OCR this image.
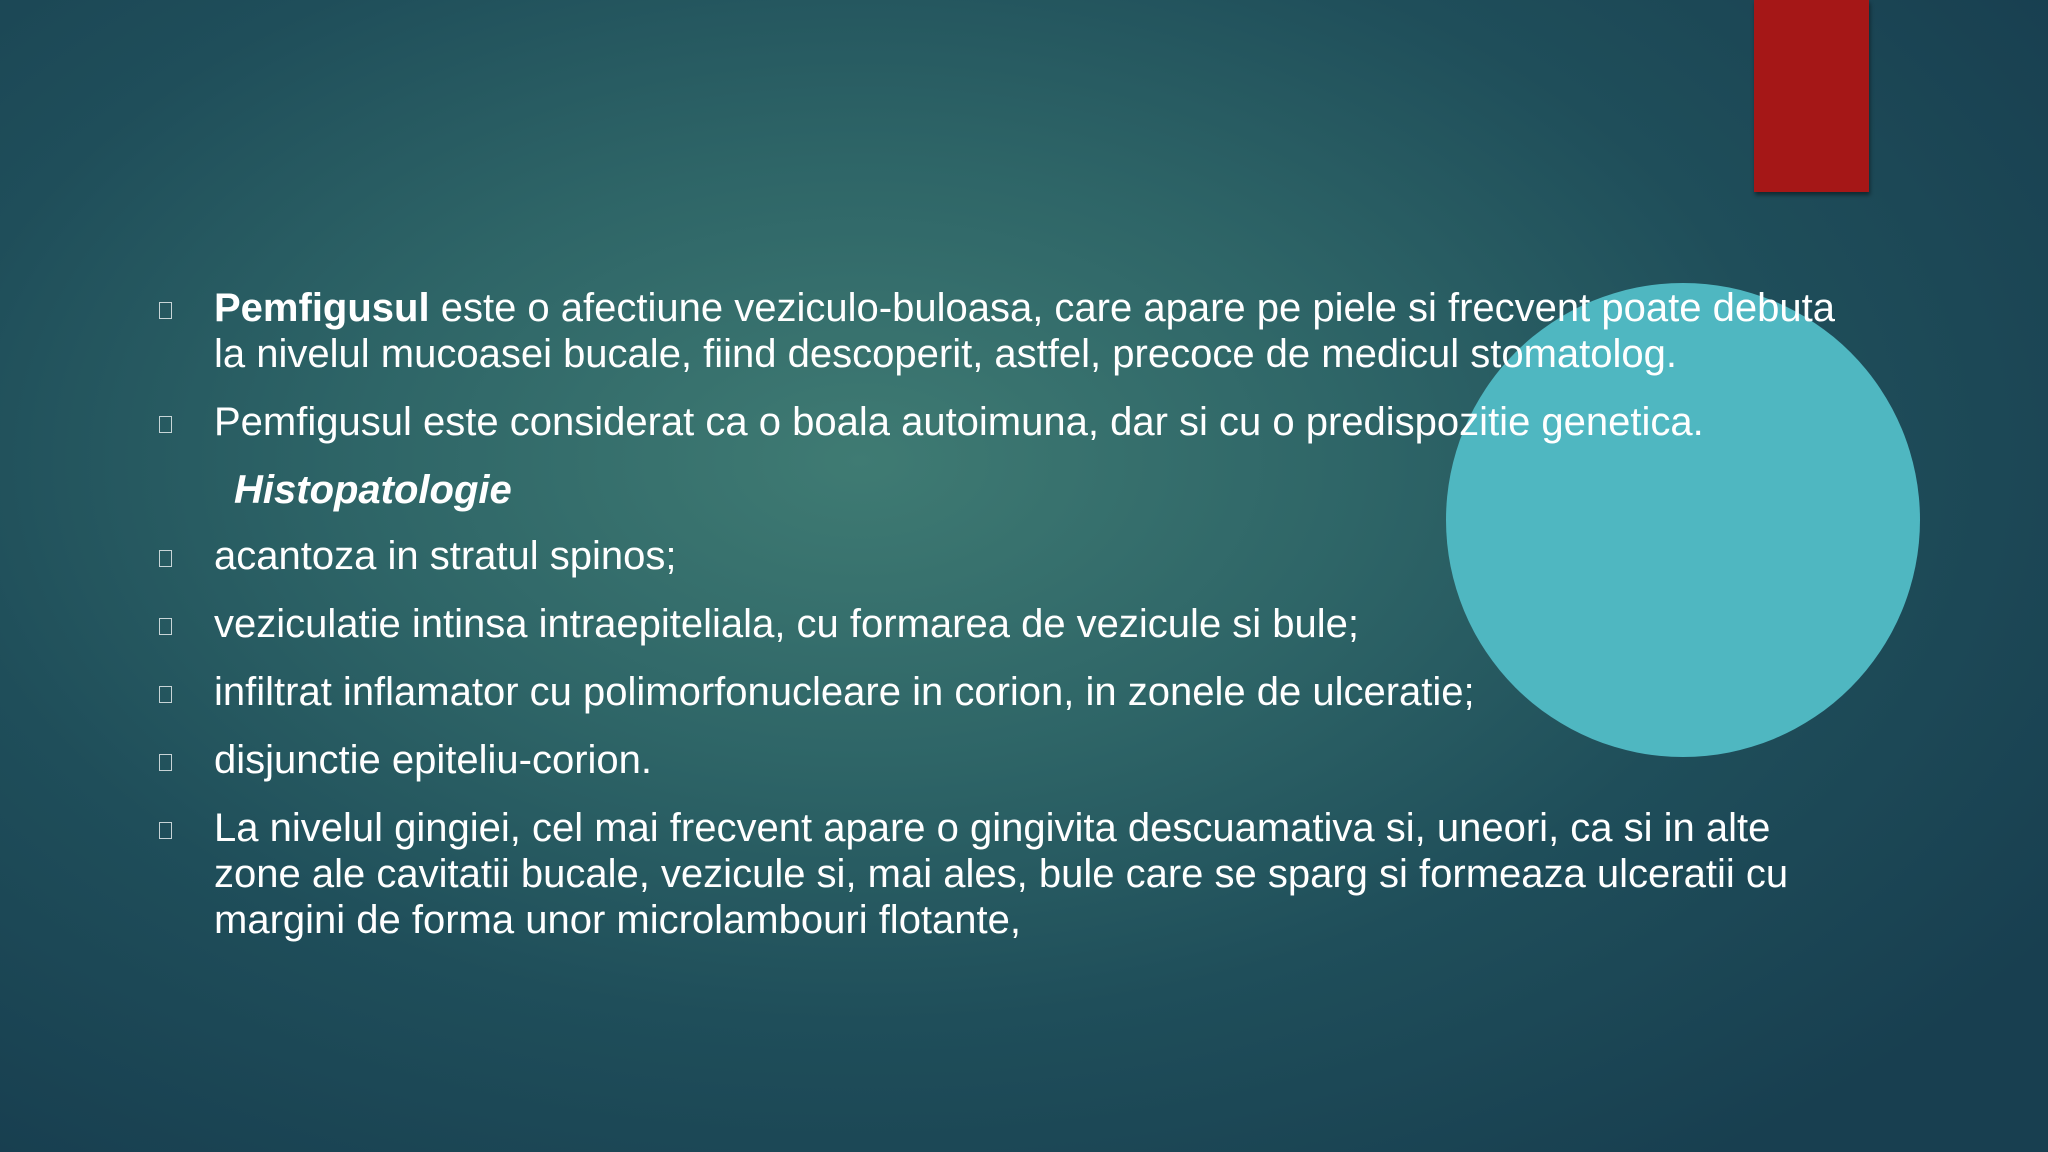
Pemfigusul este o afectiune veziculo-buloasa, care apare pe piele si frecvent poate debuta la nivelul mucoasei bucale, fiind descoperit, astfel, precoce de medicul stomatolog.
Pemfigusul este considerat ca o boala autoimuna, dar si cu o predispozitie genetica.
Histopatologie
acantoza in stratul spinos;
veziculatie intinsa intraepiteliala, cu formarea de vezicule si bule;
infiltrat inflamator cu polimorfonucleare in corion, in zonele de ulceratie;
disjunctie epiteliu-corion.
La nivelul gingiei, cel mai frecvent apare o gingivita descuamativa si, uneori, ca si in alte zone ale cavitatii bucale, vezicule si, mai ales, bule care se sparg si formeaza ulceratii cu margini de forma unor microlambouri flotante,
